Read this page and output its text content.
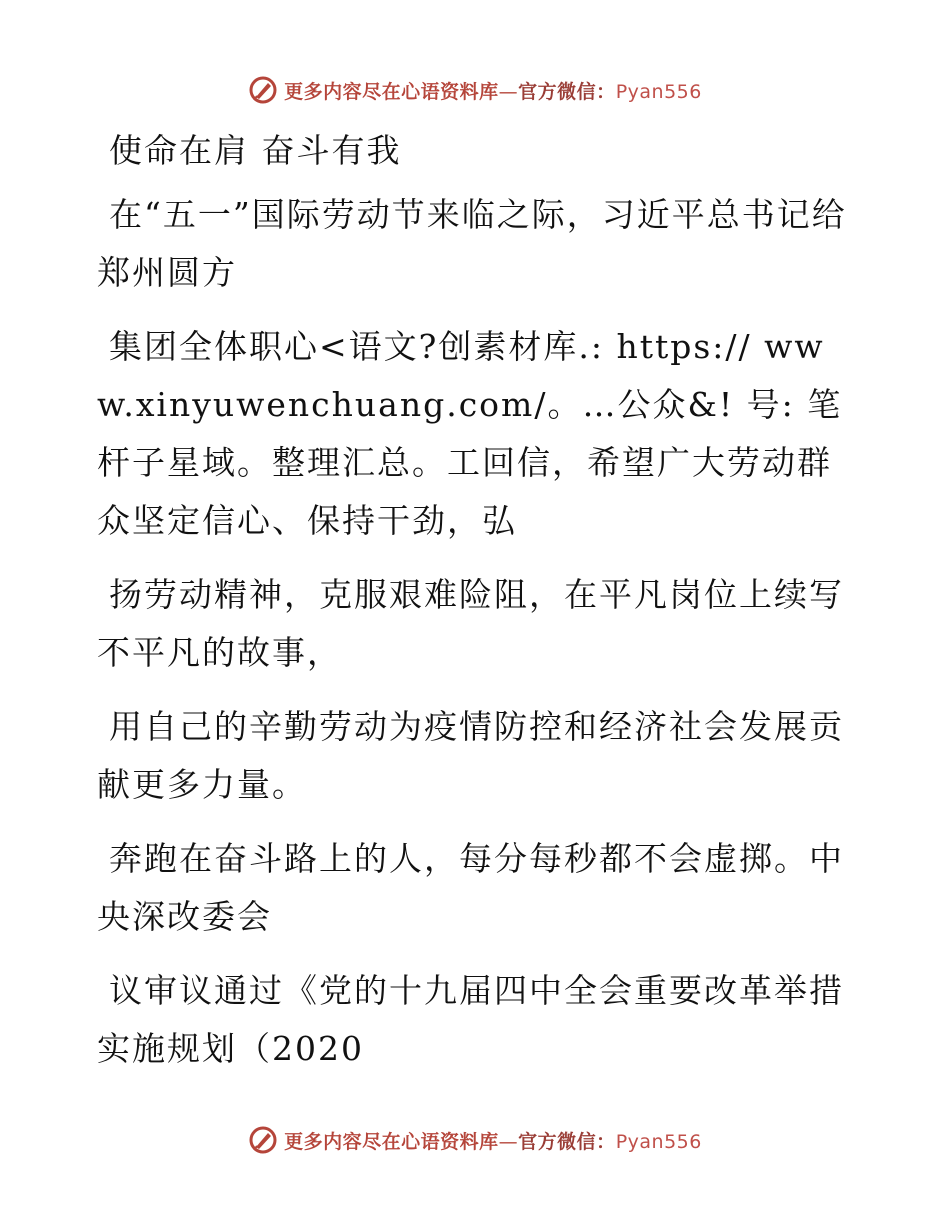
更多内容尽在心语资料库—官方微信：Pyan556

使命在肩 奋斗有我

在“五一”国际劳动节来临之际，习近平总书记给郑州圆方

集团全体职心<语文?创素材库.: https:// www.xinyuwenchuang.com/。…公众&! 号: 笔杆子星域。整理汇总。工回信，希望广大劳动群众坚定信心、保持干劲，弘

扬劳动精神，克服艰难险阻，在平凡岗位上续写不平凡的故事，

用自己的辛勤劳动为疫情防控和经济社会发展贡献更多力量。

奔跑在奋斗路上的人，每分每秒都不会虚掷。中央深改委会

议审议通过《党的十九届四中全会重要改革举措实施规划（2020

更多内容尽在心语资料库—官方微信：Pyan556
